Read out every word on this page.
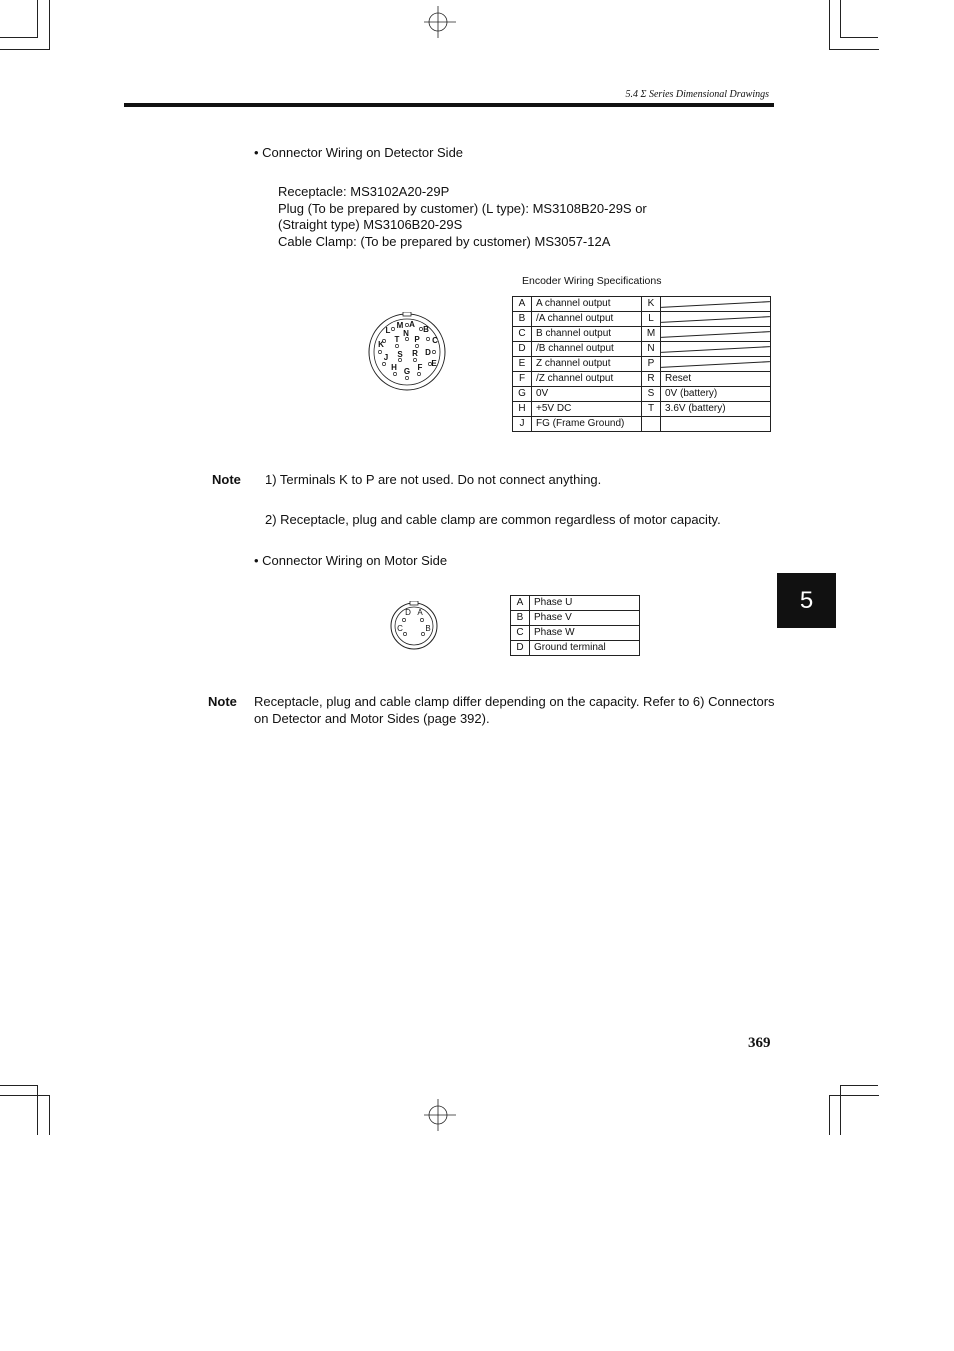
5.4 Σ Series Dimensional Drawings
• Connector Wiring on Detector Side
Receptacle: MS3102A20-29P
Plug (To be prepared by customer) (L type): MS3108B20-29S or
(Straight type) MS3106B20-29S
Cable Clamp: (To be prepared by customer) MS3057-12A
Encoder Wiring Specifications
M A
L	B
N
K
T P C
J S R D
H G F E
A	A channel output	K	
B	/A channel output	L	
C	B channel output	M	
D	/B channel output	N	
E	Z channel output	P	
F	/Z channel output	R	Reset
G	0V	S	0V (battery)
H	+5V DC	T	3.6V (battery)
J	FG (Frame Ground)		
Note 1) Terminals K to P are not used. Do not connect anything.
2) Receptacle, plug and cable clamp are common regardless of motor capacity.
• Connector Wiring on Motor Side
D A
C	B
A	Phase U
B	Phase V
C	Phase W
D	Ground terminal
Note Receptacle, plug and cable clamp differ depending on the capacity. Refer to 6) Connectors
on Detector and Motor Sides (page 392).
5
369
